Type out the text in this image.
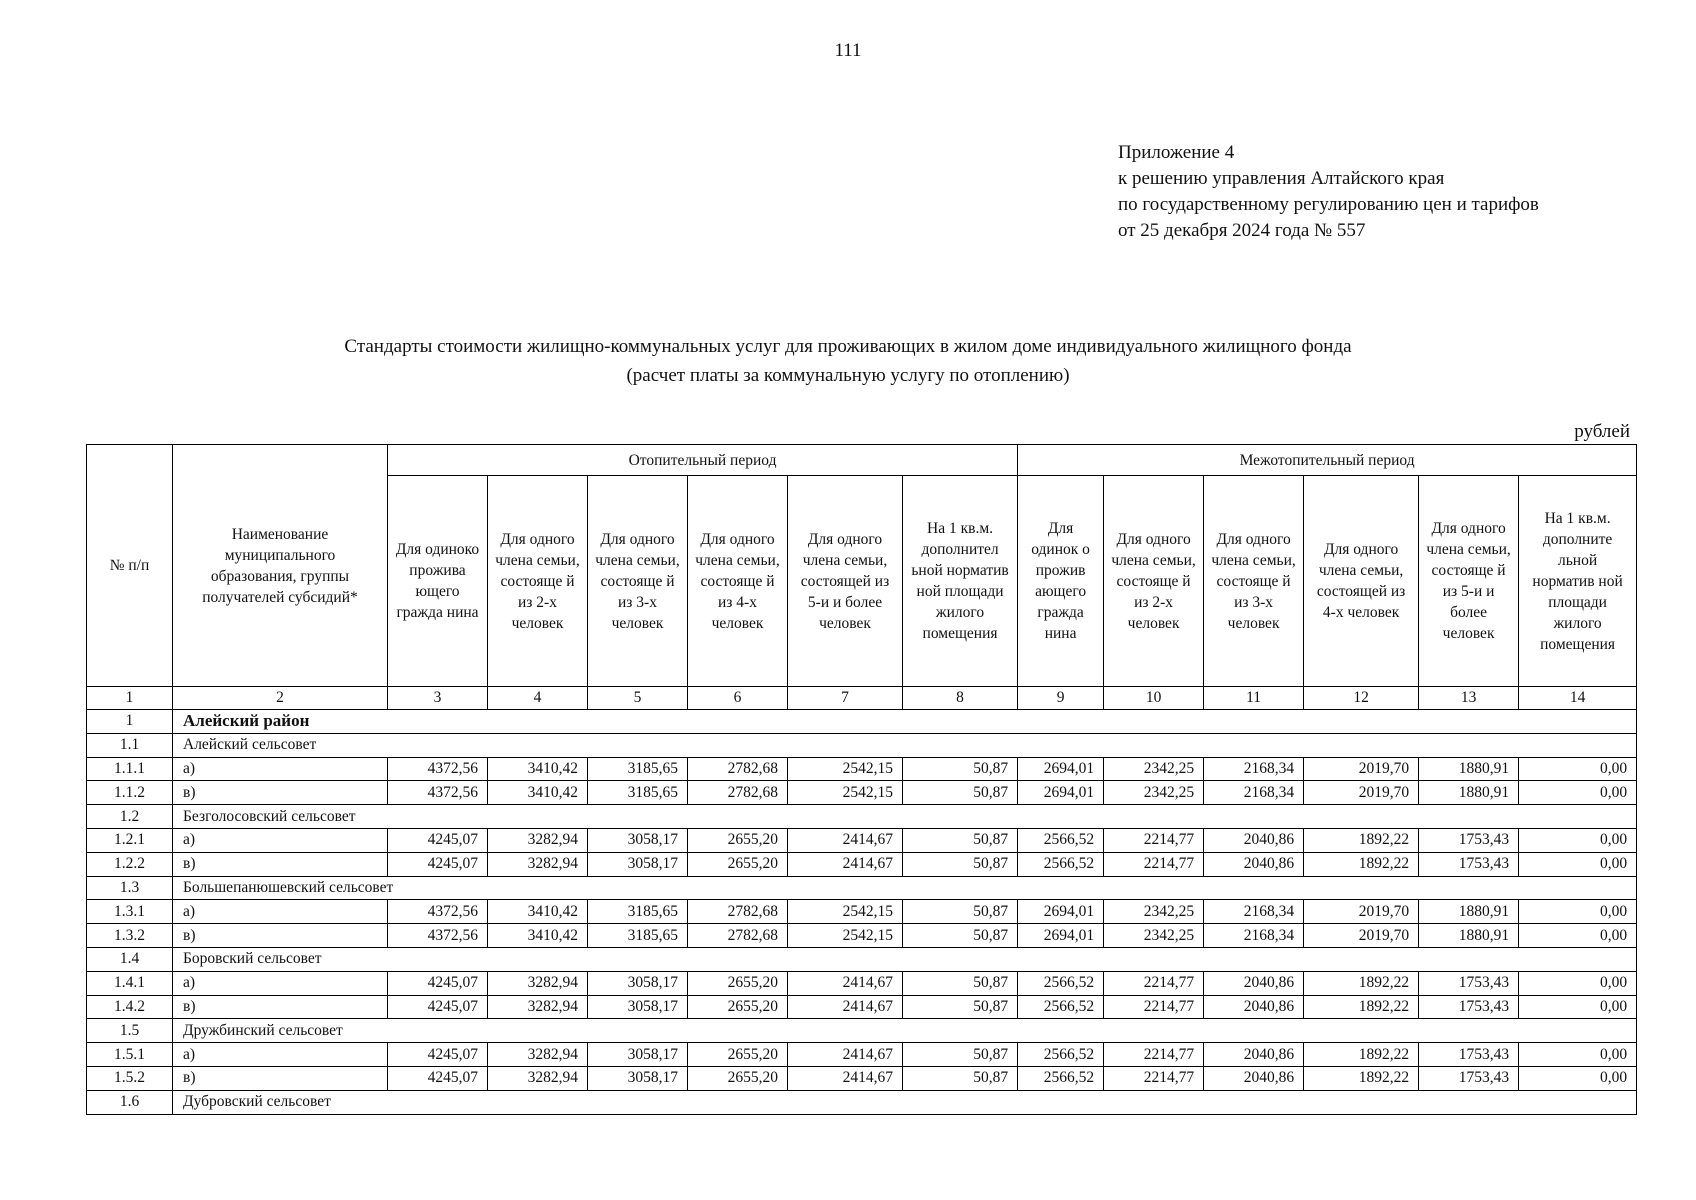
111
Приложение 4
к решению управления Алтайского края
по государственному регулированию цен и тарифов
от 25 декабря 2024 года № 557
Стандарты стоимости жилищно-коммунальных услуг для проживающих в жилом доме индивидуального жилищного фонда
(расчет платы за коммунальную услугу по отоплению)
рублей
№ п/п	Наименование муниципального образования, группы получателей субсидий*	Отопительный период						Межотопительный период					
		Для одиноко прожива ющего гражда нина	Для одного члена семьи, состояще й из 2-х человек	Для одного члена семьи, состояще й из 3-х человек	Для одного члена семьи, состояще й из 4-х человек	Для одного члена семьи, состоящей из 5-и и более человек	На 1 кв.м. дополнител ьной норматив ной площади жилого помещения	Для одинок о прожив ающего гражда нина	Для одного члена семьи, состояще й из 2-х человек	Для одного члена семьи, состояще й из 3-х человек	Для одного члена семьи, состоящей из 4-х человек	Для одного члена семьи, состояще й из 5-и и более человек	На 1 кв.м. дополните льной норматив ной площади жилого помещения
1	2	3	4	5	6	7	8	9	10	11	12	13	14
1	Алейский район												
1.1	Алейский сельсовет												
1.1.1	а)	4372,56	3410,42	3185,65	2782,68	2542,15	50,87	2694,01	2342,25	2168,34	2019,70	1880,91	0,00
1.1.2	в)	4372,56	3410,42	3185,65	2782,68	2542,15	50,87	2694,01	2342,25	2168,34	2019,70	1880,91	0,00
1.2	Безголосовский сельсовет												
1.2.1	а)	4245,07	3282,94	3058,17	2655,20	2414,67	50,87	2566,52	2214,77	2040,86	1892,22	1753,43	0,00
1.2.2	в)	4245,07	3282,94	3058,17	2655,20	2414,67	50,87	2566,52	2214,77	2040,86	1892,22	1753,43	0,00
1.3	Большепанюшевский сельсовет												
1.3.1	а)	4372,56	3410,42	3185,65	2782,68	2542,15	50,87	2694,01	2342,25	2168,34	2019,70	1880,91	0,00
1.3.2	в)	4372,56	3410,42	3185,65	2782,68	2542,15	50,87	2694,01	2342,25	2168,34	2019,70	1880,91	0,00
1.4	Боровский сельсовет												
1.4.1	а)	4245,07	3282,94	3058,17	2655,20	2414,67	50,87	2566,52	2214,77	2040,86	1892,22	1753,43	0,00
1.4.2	в)	4245,07	3282,94	3058,17	2655,20	2414,67	50,87	2566,52	2214,77	2040,86	1892,22	1753,43	0,00
1.5	Дружбинский сельсовет												
1.5.1	а)	4245,07	3282,94	3058,17	2655,20	2414,67	50,87	2566,52	2214,77	2040,86	1892,22	1753,43	0,00
1.5.2	в)	4245,07	3282,94	3058,17	2655,20	2414,67	50,87	2566,52	2214,77	2040,86	1892,22	1753,43	0,00
1.6	Дубровский сельсовет												
